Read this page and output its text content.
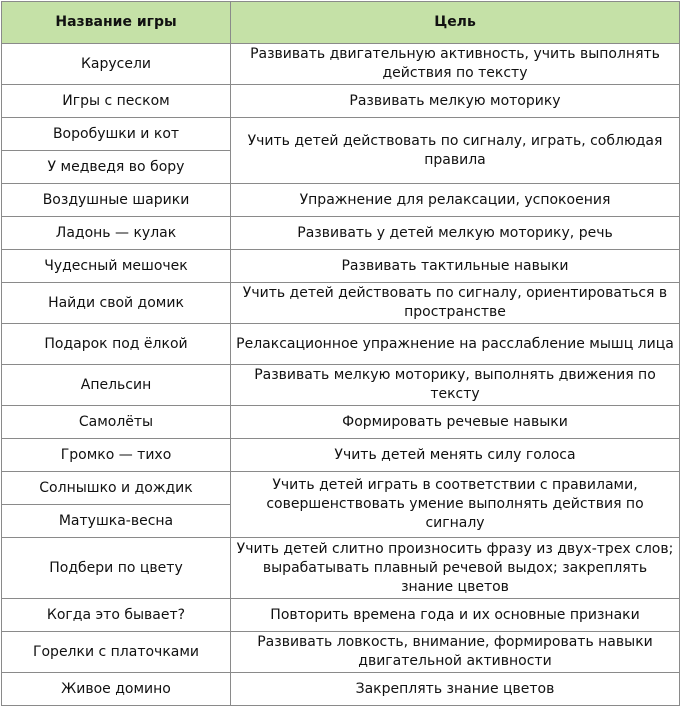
Название игры	Цель
Карусели	Развивать двигательную активность, учить выполнять действия по тексту
Игры с песком	Развивать мелкую моторику
Воробушки и кот	Учить детей действовать по сигналу, играть, соблюдая правила
У медведя во бору	
Воздушные шарики	Упражнение для релаксации, успокоения
Ладонь — кулак	Развивать у детей мелкую моторику, речь
Чудесный мешочек	Развивать тактильные навыки
Найди свой домик	Учить детей действовать по сигналу, ориентироваться в пространстве
Подарок под ёлкой	Релаксационное упражнение на расслабление мышц лица
Апельсин	Развивать мелкую моторику, выполнять движения по тексту
Самолёты	Формировать речевые навыки
Громко — тихо	Учить детей менять силу голоса
Солнышко и дождик	Учить детей играть в соответствии с правилами, совершенствовать умение выполнять действия по сигналу
Матушка-весна	
Подбери по цвету	Учить детей слитно произносить фразу из двух-трех слов; вырабатывать плавный речевой выдох; закреплять знание цветов
Когда это бывает?	Повторить времена года и их основные признаки
Горелки с платочками	Развивать ловкость, внимание, формировать навыки двигательной активности
Живое домино	Закреплять знание цветов
